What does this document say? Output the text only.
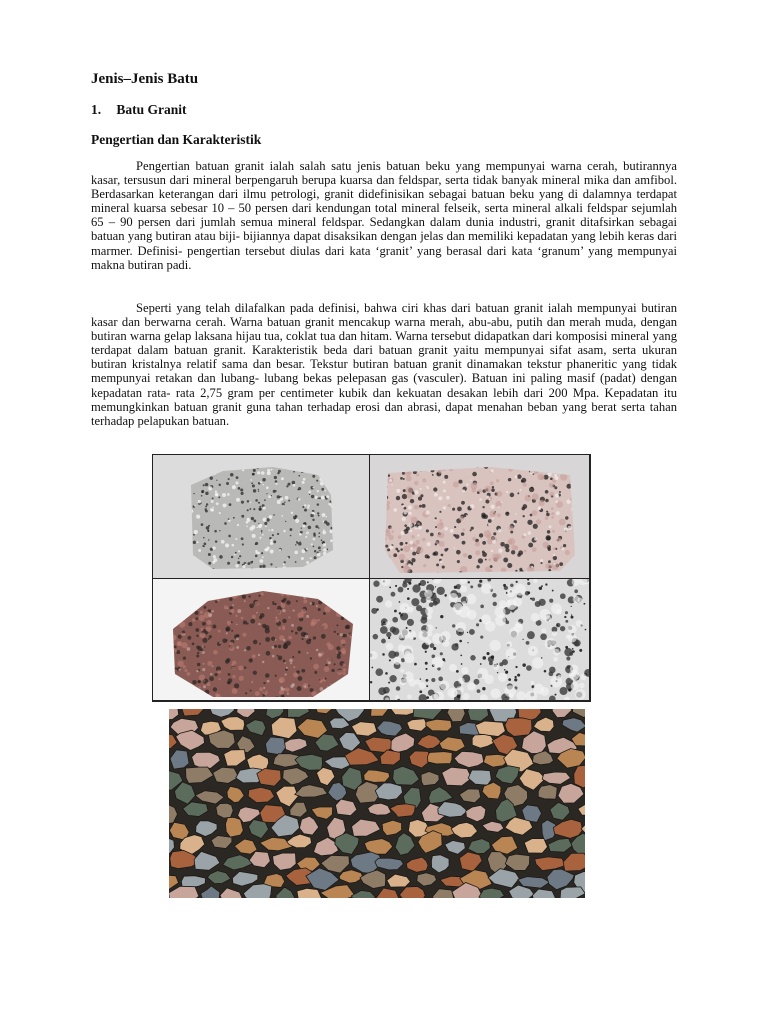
Jenis–Jenis Batu
1. Batu Granit
Pengertian dan Karakteristik

Pengertian batuan granit ialah salah satu jenis batuan beku yang mempunyai warna cerah, butirannya kasar, tersusun dari mineral berpengaruh berupa kuarsa dan feldspar, serta tidak banyak mineral mika dan amfibol. Berdasarkan keterangan dari ilmu petrologi, granit didefinisikan sebagai batuan beku yang di dalamnya terdapat mineral kuarsa sebesar 10 – 50 persen dari kendungan total mineral felseik, serta mineral alkali feldspar sejumlah 65 – 90 persen dari jumlah semua mineral feldspar. Sedangkan dalam dunia industri, granit ditafsirkan sebagai batuan yang butiran atau biji- bijiannya dapat disaksikan dengan jelas dan memiliki kepadatan yang lebih keras dari marmer. Definisi- pengertian tersebut diulas dari kata ‘granit’ yang berasal dari kata ‘granum’ yang mempunyai makna butiran padi.

Seperti yang telah dilafalkan pada definisi, bahwa ciri khas dari batuan granit ialah mempunyai butiran kasar dan berwarna cerah. Warna batuan granit mencakup warna merah, abu-abu, putih dan merah muda, dengan butiran warna gelap laksana hijau tua, coklat tua dan hitam. Warna tersebut didapatkan dari komposisi mineral yang terdapat dalam batuan granit. Karakteristik beda dari batuan granit yaitu mempunyai sifat asam, serta ukuran butiran kristalnya relatif sama dan besar. Tekstur butiran batuan granit dinamakan tekstur phaneritic yang tidak mempunyai retakan dan lubang- lubang bekas pelepasan gas (vasculer). Batuan ini paling masif (padat) dengan kepadatan rata- rata 2,75 gram per centimeter kubik dan kekuatan desakan lebih dari 200 Mpa. Kepadatan itu memungkinkan batuan granit guna tahan terhadap erosi dan abrasi, dapat menahan beban yang berat serta tahan terhadap pelapukan batuan.
